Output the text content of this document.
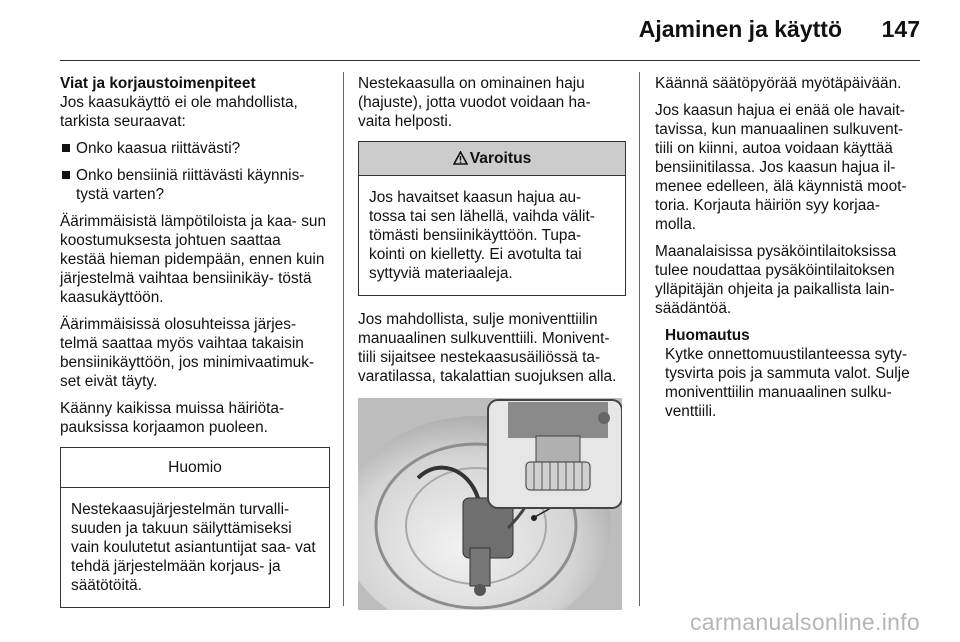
Ajaminen ja käyttö 147
Viat ja korjaustoimenpiteet

Jos kaasukäyttö ei ole mahdollista, tarkista seuraavat:

Onko kaasua riittävästi?
Onko bensiiniä riittävästi käynnis- tystä varten?

Äärimmäisistä lämpötiloista ja kaa- sun koostumuksesta johtuen saattaa kestää hieman pidempään, ennen kuin järjestelmä vaihtaa bensiinikäy- töstä kaasukäyttöön.

Äärimmäisissä olosuhteissa järjes- telmä saattaa myös vaihtaa takaisin bensiinikäyttöön, jos minimivaatimuk- set eivät täyty.

Käänny kaikissa muissa häiriöta- pauksissa korjaamon puoleen.

Huomio
Nestekaasujärjestelmän turvalli- suuden ja takuun säilyttämiseksi vain koulutetut asiantuntijat saa- vat tehdä järjestelmään korjaus- ja säätötöitä.

Nestekaasulla on ominainen haju (hajuste), jotta vuodot voidaan ha- vaita helposti.

Varoitus
Jos havaitset kaasun hajua au- tossa tai sen lähellä, vaihda välit- tömästi bensiinikäyttöön. Tupa- kointi on kielletty. Ei avotulta tai syttyviä materiaaleja.

Jos mahdollista, sulje moniventtiilin manuaalinen sulkuventtiili. Monivent- tiili sijaitsee nestekaasusäiliössä ta- varatilassa, takalattian suojuksen alla.

Käännä säätöpyörää myötäpäivään.

Jos kaasun hajua ei enää ole havait- tavissa, kun manuaalinen sulkuvent- tiili on kiinni, autoa voidaan käyttää bensiinitilassa. Jos kaasun hajua il- menee edelleen, älä käynnistä moot- toria. Korjauta häiriön syy korjaa- molla.

Maanalaisissa pysäköintilaitoksissa tulee noudattaa pysäköintilaitoksen ylläpitäjän ohjeita ja paikallista lain- säädäntöä.

Huomautus
Kytke onnettomuustilanteessa syty- tysvirta pois ja sammuta valot. Sulje moniventtiilin manuaalinen sulku- venttiili.
carmanualsonline.info
